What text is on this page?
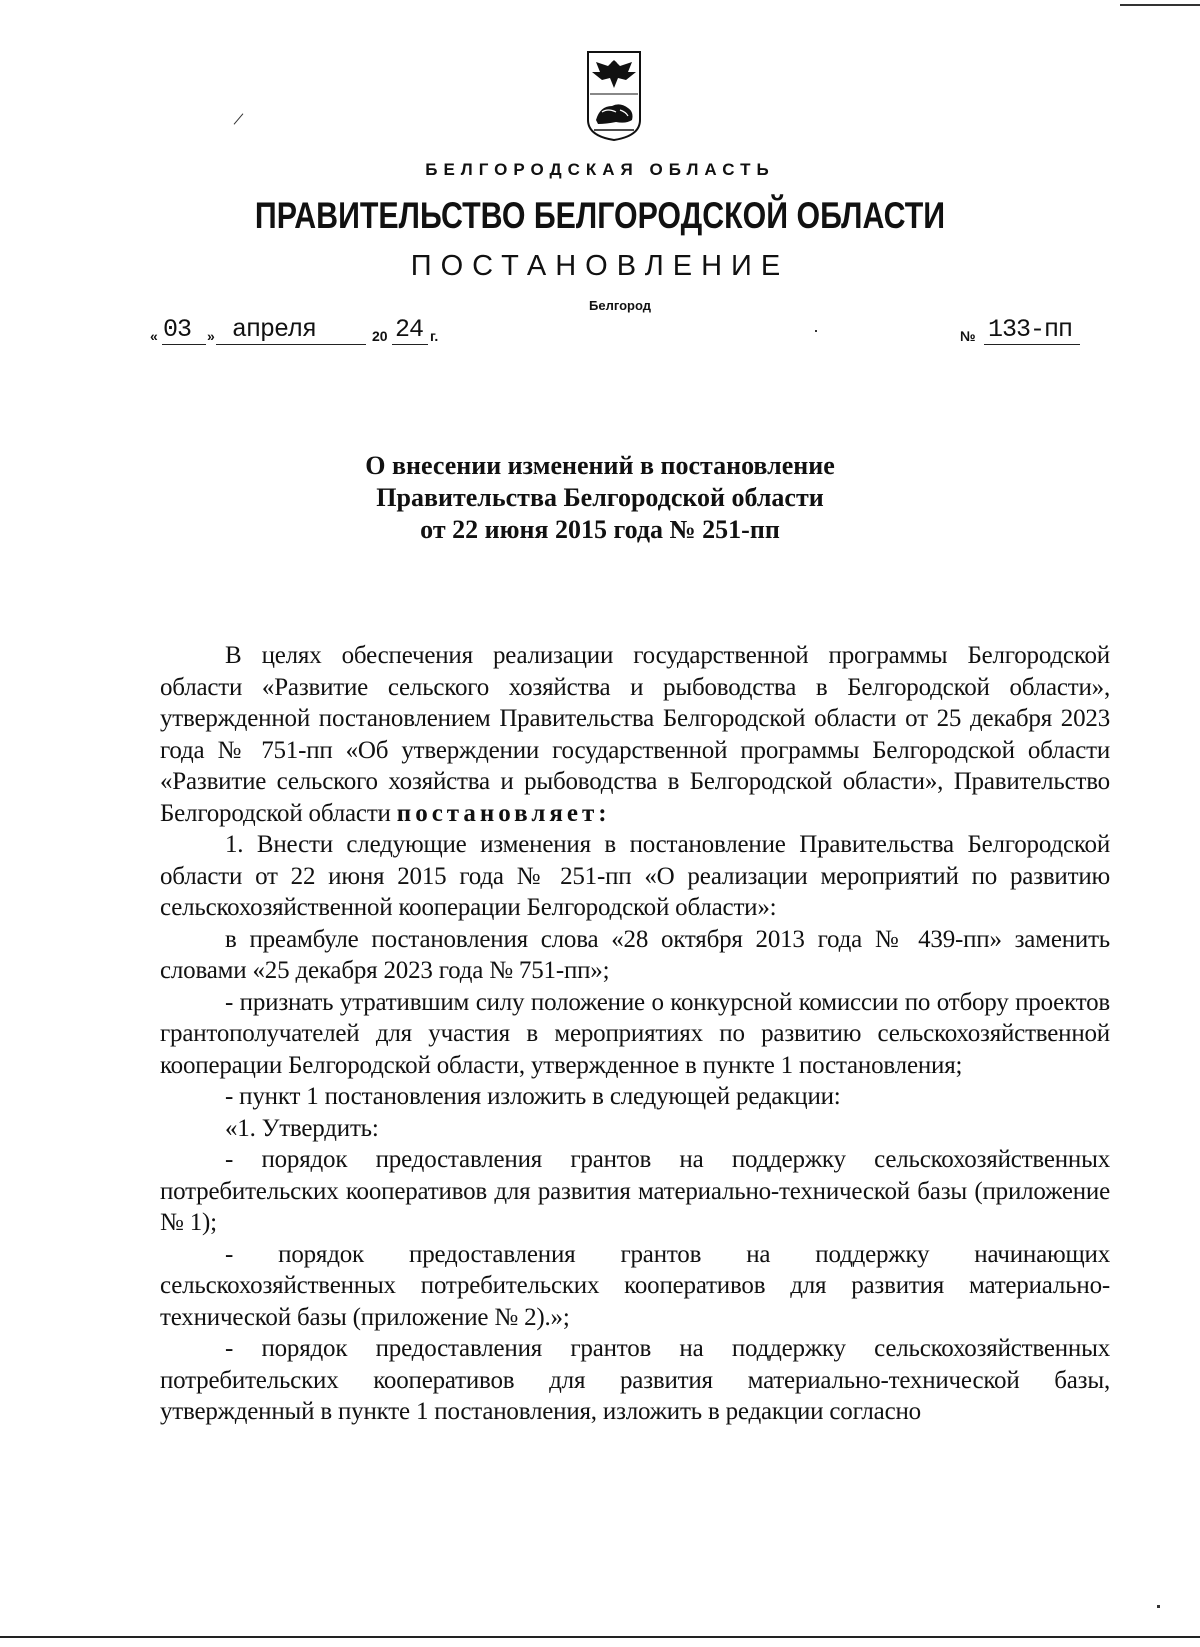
БЕЛГОРОДСКАЯ ОБЛАСТЬ
ПРАВИТЕЛЬСТВО БЕЛГОРОДСКОЙ ОБЛАСТИ
ПОСТАНОВЛЕНИЕ
Белгород
« 03 » апреля	20 24 г.	№ 133-пп
О внесении изменений в постановление
Правительства Белгородской области
от 22 июня 2015 года № 251-пп

В целях обеспечения реализации государственной программы Белгородской области «Развитие сельского хозяйства и рыбоводства в Белгородской области», утвержденной постановлением Правительства Белгородской области от 25 декабря 2023 года № 751-пп «Об утверждении государственной программы Белгородской области «Развитие сельского хозяйства и рыбоводства в Белгородской области», Правительство Белгородской области постановляет:

1. Внести следующие изменения в постановление Правительства Белгородской области от 22 июня 2015 года № 251-пп «О реализации мероприятий по развитию сельскохозяйственной кооперации Белгородской области»:

в преамбуле постановления слова «28 октября 2013 года № 439-пп» заменить словами «25 декабря 2023 года № 751-пп»;

- признать утратившим силу положение о конкурсной комиссии по отбору проектов грантополучателей для участия в мероприятиях по развитию сельскохозяйственной кооперации Белгородской области, утвержденное в пункте 1 постановления;

- пункт 1 постановления изложить в следующей редакции:

«1. Утвердить:

- порядок предоставления грантов на поддержку сельскохозяйственных потребительских кооперативов для развития материально-технической базы (приложение № 1);

- порядок предоставления грантов на поддержку начинающих сельскохозяйственных потребительских кооперативов для развития материально-технической базы (приложение № 2).»;

- порядок предоставления грантов на поддержку сельскохозяйственных потребительских кооперативов для развития материально-технической базы, утвержденный в пункте 1 постановления, изложить в редакции согласно
